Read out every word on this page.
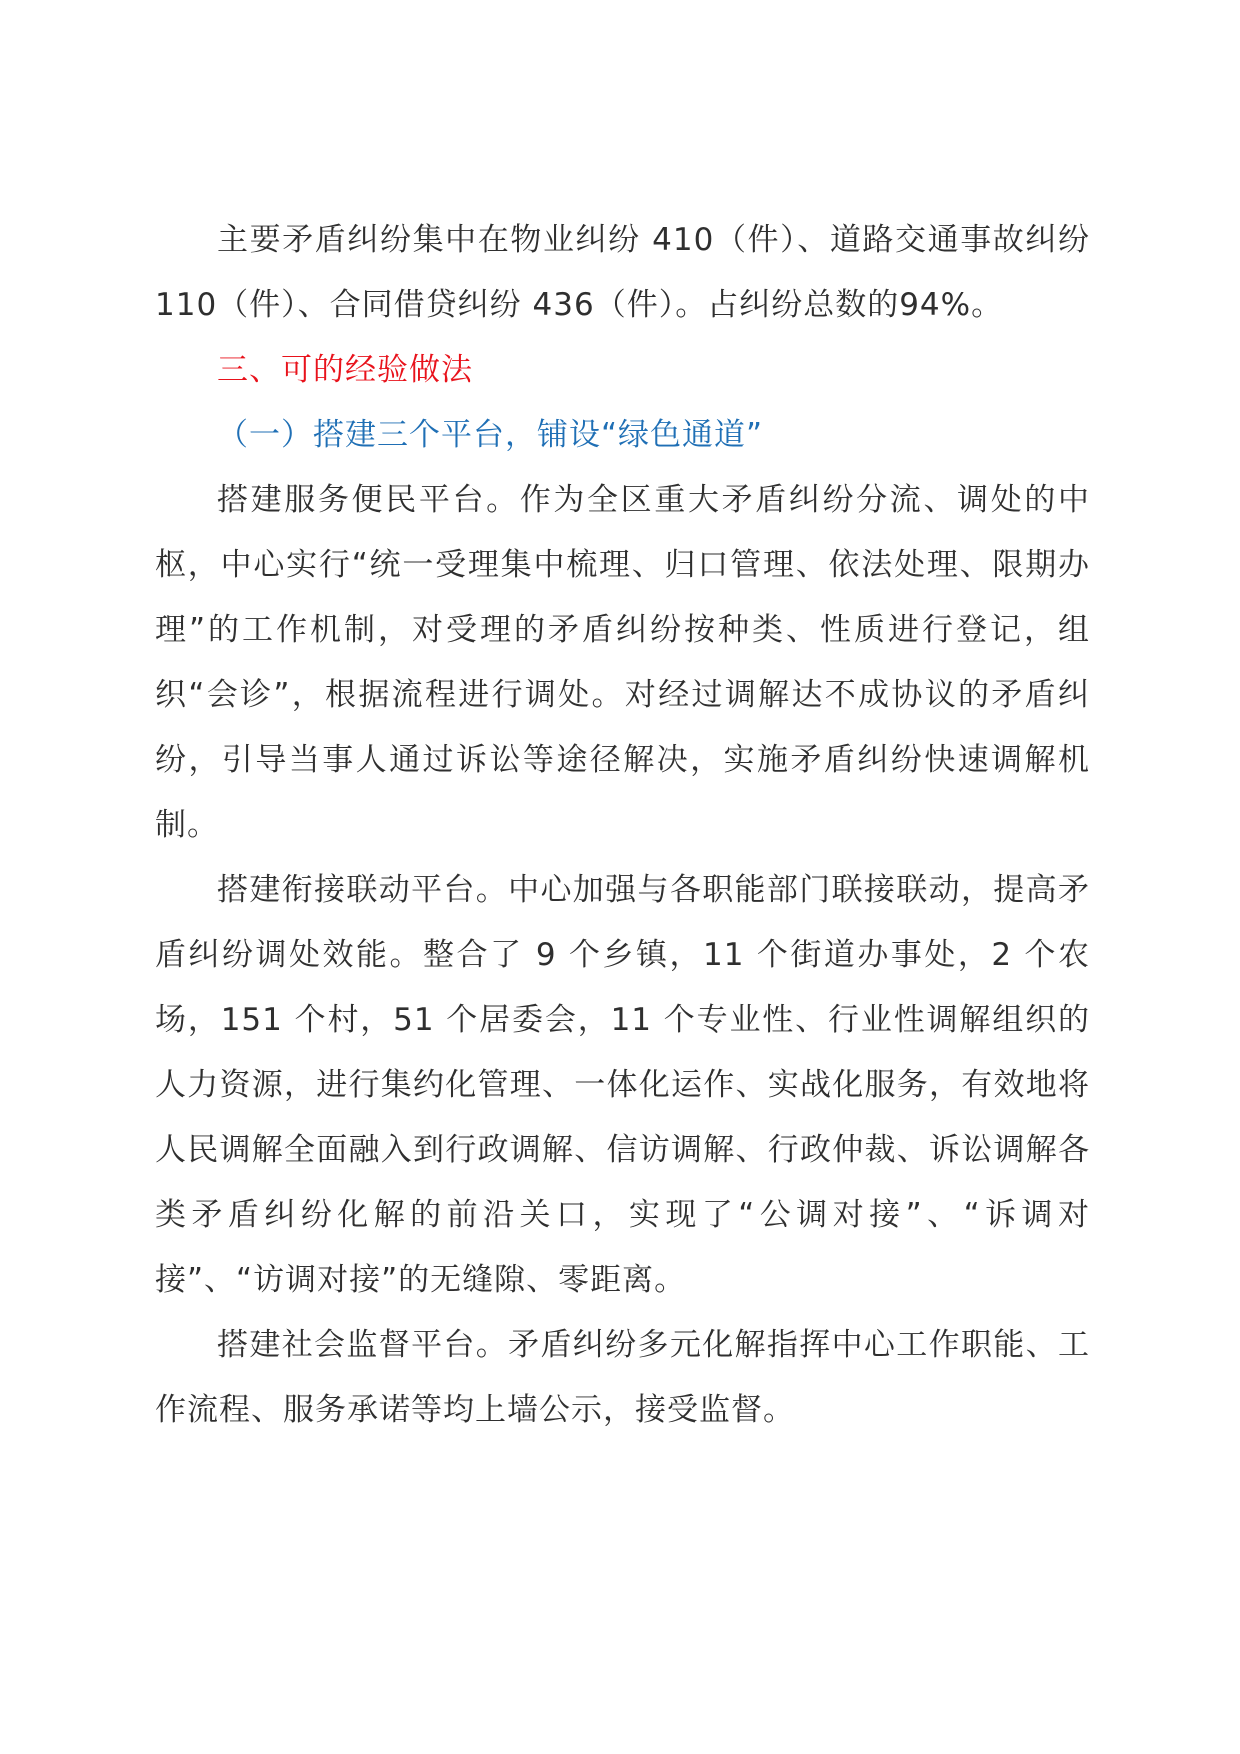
主要矛盾纠纷集中在物业纠纷 410（件）、道路交通事故纠纷 110（件）、合同借贷纠纷 436（件）。占纠纷总数的94%。

三、可的经验做法

（一）搭建三个平台，铺设“绿色通道”

搭建服务便民平台。作为全区重大矛盾纠纷分流、调处的中枢，中心实行“统一受理集中梳理、归口管理、依法处理、限期办理”的工作机制，对受理的矛盾纠纷按种类、性质进行登记，组织“会诊”，根据流程进行调处。对经过调解达不成协议的矛盾纠纷，引导当事人通过诉讼等途径解决，实施矛盾纠纷快速调解机制。

搭建衔接联动平台。中心加强与各职能部门联接联动，提高矛盾纠纷调处效能。整合了 9 个乡镇，11 个街道办事处，2 个农场，151 个村，51 个居委会，11 个专业性、行业性调解组织的人力资源，进行集约化管理、一体化运作、实战化服务，有效地将人民调解全面融入到行政调解、信访调解、行政仲裁、诉讼调解各类矛盾纠纷化解的前沿关口，实现了“公调对接”、“诉调对接”、“访调对接”的无缝隙、零距离。

搭建社会监督平台。矛盾纠纷多元化解指挥中心工作职能、工作流程、服务承诺等均上墙公示，接受监督。
